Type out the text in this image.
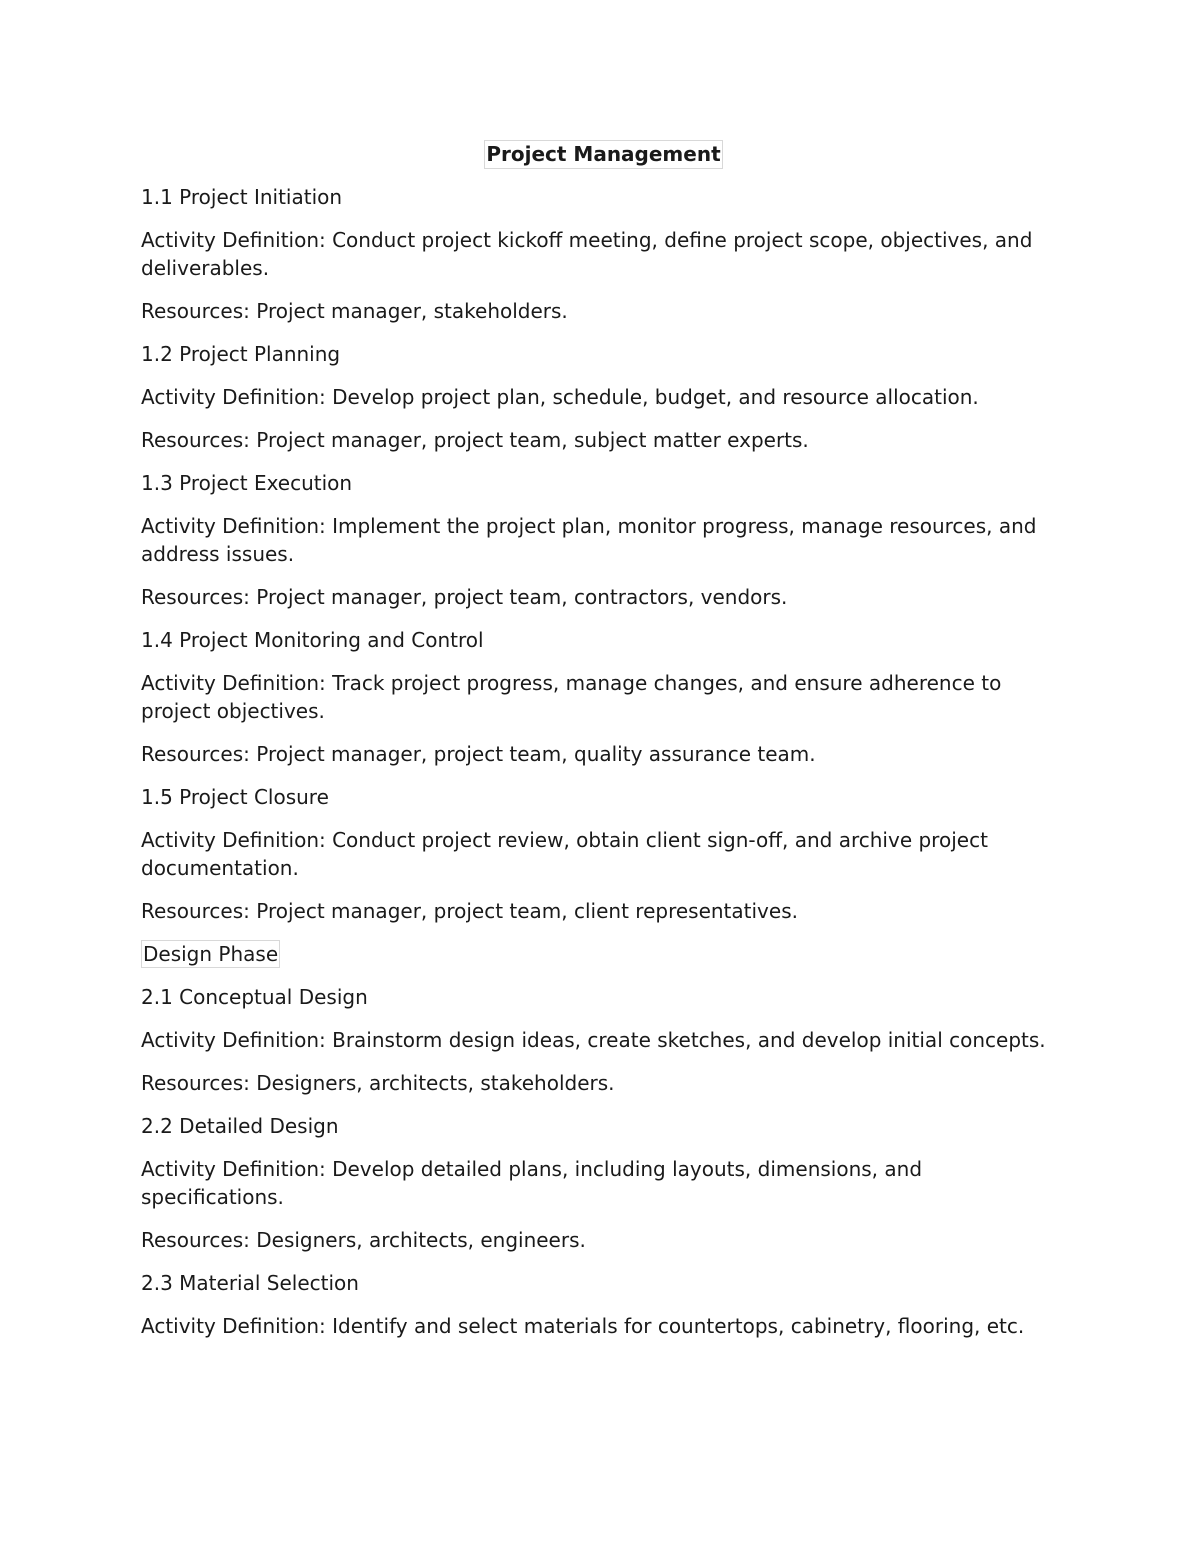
Project Management

1.1 Project Initiation

Activity Definition: Conduct project kickoff meeting, define project scope, objectives, and deliverables.

Resources: Project manager, stakeholders.

1.2 Project Planning

Activity Definition: Develop project plan, schedule, budget, and resource allocation.

Resources: Project manager, project team, subject matter experts.

1.3 Project Execution

Activity Definition: Implement the project plan, monitor progress, manage resources, and address issues.

Resources: Project manager, project team, contractors, vendors.

1.4 Project Monitoring and Control

Activity Definition: Track project progress, manage changes, and ensure adherence to project objectives.

Resources: Project manager, project team, quality assurance team.

1.5 Project Closure

Activity Definition: Conduct project review, obtain client sign-off, and archive project documentation.

Resources: Project manager, project team, client representatives.

Design Phase

2.1 Conceptual Design

Activity Definition: Brainstorm design ideas, create sketches, and develop initial concepts.

Resources: Designers, architects, stakeholders.

2.2 Detailed Design

Activity Definition: Develop detailed plans, including layouts, dimensions, and specifications.

Resources: Designers, architects, engineers.

2.3 Material Selection

Activity Definition: Identify and select materials for countertops, cabinetry, flooring, etc.
